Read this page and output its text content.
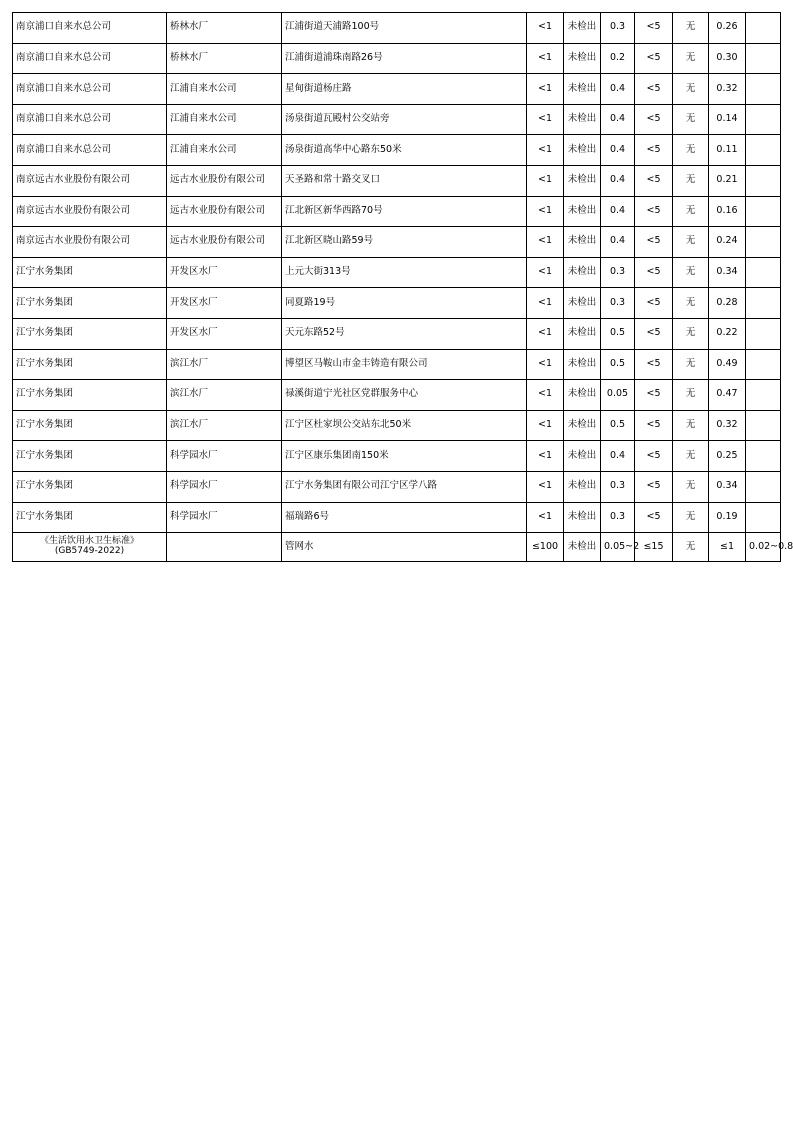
南京浦口自来水总公司	桥林水厂	江浦街道天浦路100号	<1	未检出	0.3	<5	无	0.26	
南京浦口自来水总公司	桥林水厂	江浦街道浦珠南路26号	<1	未检出	0.2	<5	无	0.30	
南京浦口自来水总公司	江浦自来水公司	星甸街道杨庄路	<1	未检出	0.4	<5	无	0.32	
南京浦口自来水总公司	江浦自来水公司	汤泉街道瓦殿村公交站旁	<1	未检出	0.4	<5	无	0.14	
南京浦口自来水总公司	江浦自来水公司	汤泉街道高华中心路东50米	<1	未检出	0.4	<5	无	0.11	
南京远古水业股份有限公司	远古水业股份有限公司	天圣路和常十路交叉口	<1	未检出	0.4	<5	无	0.21	
南京远古水业股份有限公司	远古水业股份有限公司	江北新区新华西路70号	<1	未检出	0.4	<5	无	0.16	
南京远古水业股份有限公司	远古水业股份有限公司	江北新区晓山路59号	<1	未检出	0.4	<5	无	0.24	
江宁水务集团	开发区水厂	上元大街313号	<1	未检出	0.3	<5	无	0.34	
江宁水务集团	开发区水厂	同夏路19号	<1	未检出	0.3	<5	无	0.28	
江宁水务集团	开发区水厂	天元东路52号	<1	未检出	0.5	<5	无	0.22	
江宁水务集团	滨江水厂	博望区马鞍山市金丰铸造有限公司	<1	未检出	0.5	<5	无	0.49	
江宁水务集团	滨江水厂	禄溪街道宁光社区党群服务中心	<1	未检出	0.05	<5	无	0.47	
江宁水务集团	滨江水厂	江宁区杜家坝公交站东北50米	<1	未检出	0.5	<5	无	0.32	
江宁水务集团	科学园水厂	江宁区康乐集团南150米	<1	未检出	0.4	<5	无	0.25	
江宁水务集团	科学园水厂	江宁水务集团有限公司江宁区学八路	<1	未检出	0.3	<5	无	0.34	
江宁水务集团	科学园水厂	福瑞路6号	<1	未检出	0.3	<5	无	0.19	

《生活饮用水卫生标准》
(GB5749-2022)		管网水	≤100	未检出	0.05~2	≤15	无	≤1	0.02~0.8
